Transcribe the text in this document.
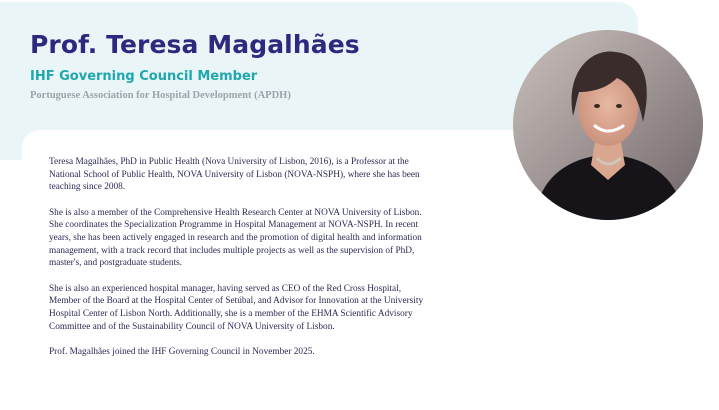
Prof. Teresa Magalhães
IHF Governing Council Member
Portuguese Association for Hospital Development (APDH)

Teresa Magalhães, PhD in Public Health (Nova University of Lisbon, 2016), is a Professor at the National School of Public Health, NOVA University of Lisbon (NOVA-NSPH), where she has been teaching since 2008.

She is also a member of the Comprehensive Health Research Center at NOVA University of Lisbon. She coordinates the Specialization Programme in Hospital Management at NOVA-NSPH. In recent years, she has been actively engaged in research and the promotion of digital health and information management, with a track record that includes multiple projects as well as the supervision of PhD, master's, and postgraduate students.

She is also an experienced hospital manager, having served as CEO of the Red Cross Hospital, Member of the Board at the Hospital Center of Setúbal, and Advisor for Innovation at the University Hospital Center of Lisbon North. Additionally, she is a member of the EHMA Scientific Advisory Committee and of the Sustainability Council of NOVA University of Lisbon.

Prof. Magalhães joined the IHF Governing Council in November 2025.
